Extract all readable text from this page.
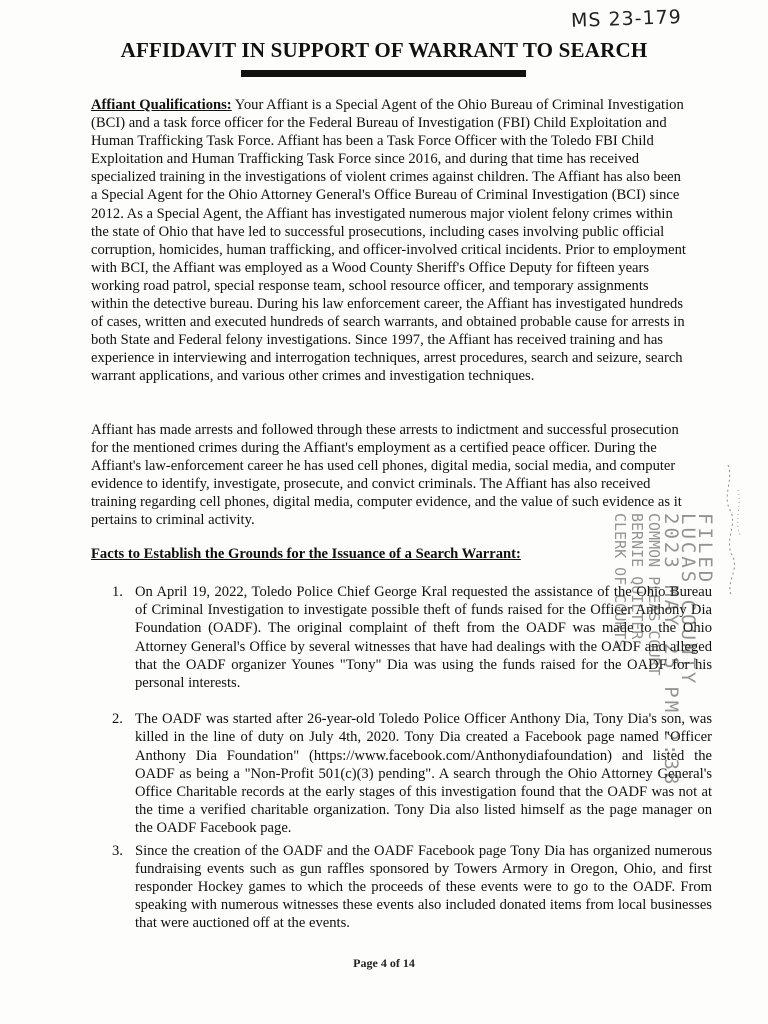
MS 23-179
AFFIDAVIT IN SUPPORT OF WARRANT TO SEARCH
Affiant Qualifications: Your Affiant is a Special Agent of the Ohio Bureau of Criminal Investigation (BCI) and a task force officer for the Federal Bureau of Investigation (FBI) Child Exploitation and Human Trafficking Task Force. Affiant has been a Task Force Officer with the Toledo FBI Child Exploitation and Human Trafficking Task Force since 2016, and during that time has received specialized training in the investigations of violent crimes against children. The Affiant has also been a Special Agent for the Ohio Attorney General's Office Bureau of Criminal Investigation (BCI) since 2012. As a Special Agent, the Affiant has investigated numerous major violent felony crimes within the state of Ohio that have led to successful prosecutions, including cases involving public official corruption, homicides, human trafficking, and officer-involved critical incidents. Prior to employment with BCI, the Affiant was employed as a Wood County Sheriff's Office Deputy for fifteen years working road patrol, special response team, school resource officer, and temporary assignments within the detective bureau. During his law enforcement career, the Affiant has investigated hundreds of cases, written and executed hundreds of search warrants, and obtained probable cause for arrests in both State and Federal felony investigations. Since 1997, the Affiant has received training and has experience in interviewing and interrogation techniques, arrest procedures, search and seizure, search warrant applications, and various other crimes and investigation techniques.
Affiant has made arrests and followed through these arrests to indictment and successful prosecution for the mentioned crimes during the Affiant's employment as a certified peace officer. During the Affiant's law-enforcement career he has used cell phones, digital media, social media, and computer evidence to identify, investigate, prosecute, and convict criminals. The Affiant has also received training regarding cell phones, digital media, computer evidence, and the value of such evidence as it pertains to criminal activity.
Facts to Establish the Grounds for the Issuance of a Search Warrant:
1. On April 19, 2022, Toledo Police Chief George Kral requested the assistance of the Ohio Bureau of Criminal Investigation to investigate possible theft of funds raised for the Officer Anthony Dia Foundation (OADF). The original complaint of theft from the OADF was made to the Ohio Attorney General's Office by several witnesses that have had dealings with the OADF and alleged that the OADF organizer Younes "Tony" Dia was using the funds raised for the OADF for his personal interests.
2. The OADF was started after 26-year-old Toledo Police Officer Anthony Dia, Tony Dia's son, was killed in the line of duty on July 4th, 2020. Tony Dia created a Facebook page named "Officer Anthony Dia Foundation" (https://www.facebook.com/Anthonydiafoundation) and listed the OADF as being a "Non-Profit 501(c)(3) pending". A search through the Ohio Attorney General's Office Charitable records at the early stages of this investigation found that the OADF was not at the time a verified charitable organization. Tony Dia also listed himself as the page manager on the OADF Facebook page.
3. Since the creation of the OADF and the OADF Facebook page Tony Dia has organized numerous fundraising events such as gun raffles sponsored by Towers Armory in Oregon, Ohio, and first responder Hockey games to which the proceeds of these events were to go to the OADF. From speaking with numerous witnesses these events also included donated items from local businesses that were auctioned off at the events.
FILED
LUCAS COUNTY
2023 MAY 25 PM 2:38
COMMON PLEAS COURT
BERNIE QUILTER
CLERK OF COURTS
Page 4 of 14
